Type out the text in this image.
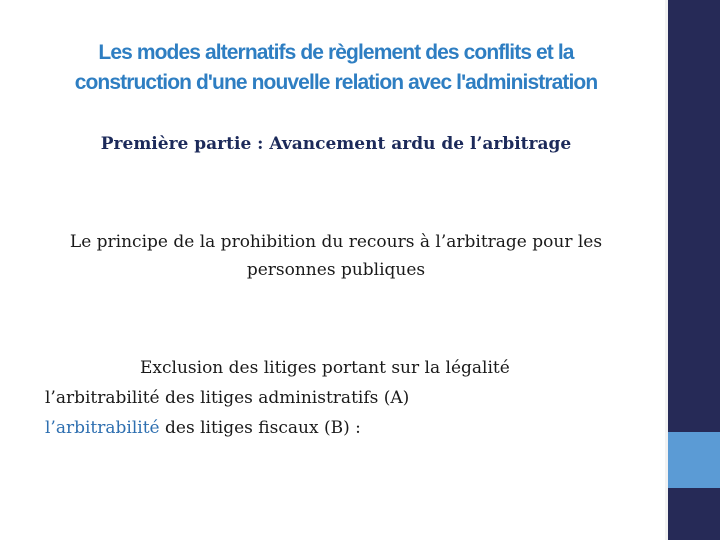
Les modes alternatifs de règlement des conflits et la
construction d'une nouvelle relation avec l'administration
Première partie : Avancement ardu de l’arbitrage
Le principe de la prohibition du recours à l’arbitrage pour les
personnes publiques
Exclusion des litiges portant sur la légalité
l’arbitrabilité des litiges administratifs (A)
l’arbitrabilité des litiges fiscaux (B) :
